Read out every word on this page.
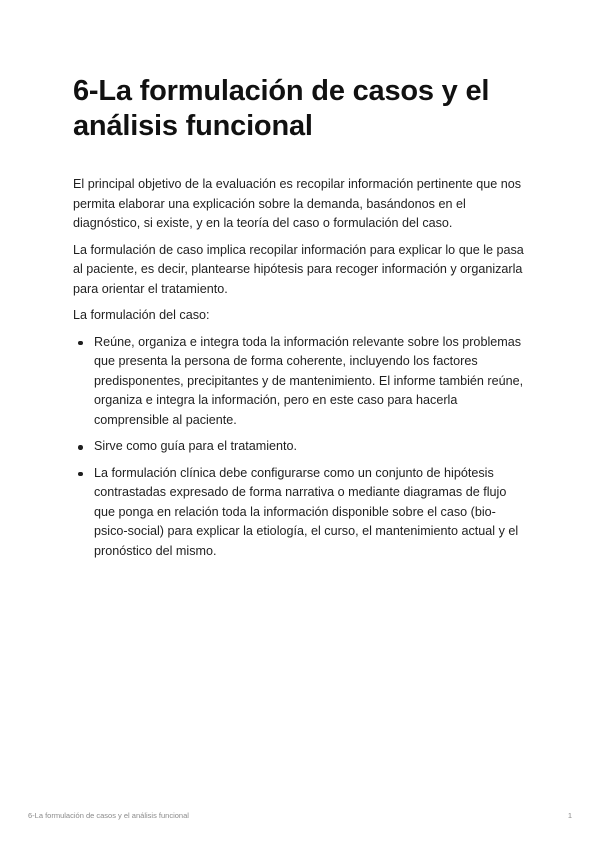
6-La formulación de casos y el análisis funcional

El principal objetivo de la evaluación es recopilar información pertinente que nos permita elaborar una explicación sobre la demanda, basándonos en el diagnóstico, si existe, y en la teoría del caso o formulación del caso.

La formulación de caso implica recopilar información para explicar lo que le pasa al paciente, es decir, plantearse hipótesis para recoger información y organizarla para orientar el tratamiento.

La formulación del caso:

Reúne, organiza e integra toda la información relevante sobre los problemas que presenta la persona de forma coherente, incluyendo los factores predisponentes, precipitantes y de mantenimiento. El informe también reúne, organiza e integra la información, pero en este caso para hacerla comprensible al paciente.
Sirve como guía para el tratamiento.
La formulación clínica debe configurarse como un conjunto de hipótesis contrastadas expresado de forma narrativa o mediante diagramas de flujo que ponga en relación toda la información disponible sobre el caso (bio-psico-social) para explicar la etiología, el curso, el mantenimiento actual y el pronóstico del mismo.
6-La formulación de casos y el análisis funcional	1
